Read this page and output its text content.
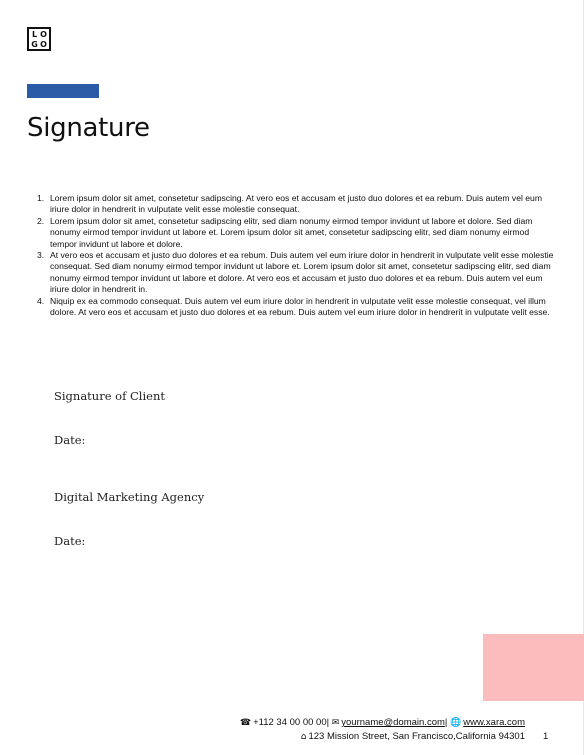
L O
G O
Signature
1. Lorem ipsum dolor sit amet, consetetur sadipscing. At vero eos et accusam et justo duo dolores et ea rebum. Duis autem vel eum iriure dolor in hendrerit in vulputate velit esse molestie consequat.
2. Lorem ipsum dolor sit amet, consetetur sadipscing elitr, sed diam nonumy eirmod tempor invidunt ut labore et dolore. Sed diam nonumy eirmod tempor invidunt ut labore et. Lorem ipsum dolor sit amet, consetetur sadipscing elitr, sed diam nonumy eirmod tempor invidunt ut labore et dolore.
3. At vero eos et accusam et justo duo dolores et ea rebum. Duis autem vel eum iriure dolor in hendrerit in vulputate velit esse molestie consequat. Sed diam nonumy eirmod tempor invidunt ut labore et. Lorem ipsum dolor sit amet, consetetur sadipscing elitr, sed diam nonumy eirmod tempor invidunt ut labore et dolore. At vero eos et accusam et justo duo dolores et ea rebum. Duis autem vel eum iriure dolor in hendrerit in.
4. Niquip ex ea commodo consequat. Duis autem vel eum iriure dolor in hendrerit in vulputate velit esse molestie consequat, vel illum dolore. At vero eos et accusam et justo duo dolores et ea rebum. Duis autem vel eum iriure dolor in hendrerit in vulputate velit esse.
Signature of Client
Date:
Digital Marketing Agency
Date:
☎ +112 34 00 00 00| ✉ yourname@domain.com| 🌐 www.xara.com
⌂ 123 Mission Street, San Francisco,California 94301 1
